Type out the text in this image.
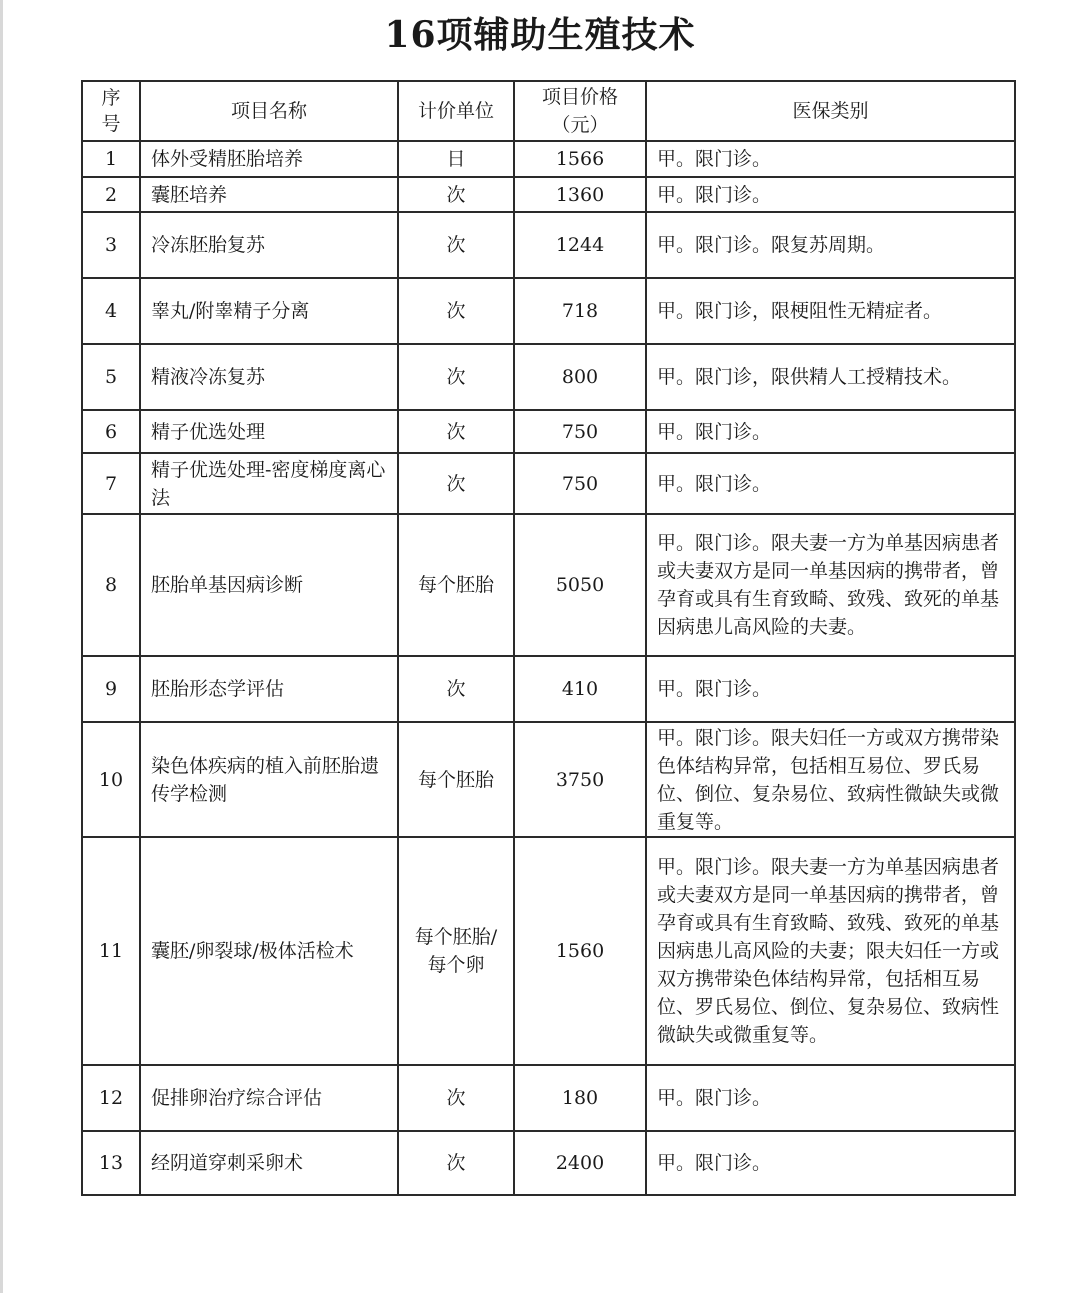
16项辅助生殖技术
序号	项目名称	计价单位	项目价格（元）	医保类别
1	体外受精胚胎培养	日	1566	甲。限门诊。
2	囊胚培养	次	1360	甲。限门诊。
3	冷冻胚胎复苏	次	1244	甲。限门诊。限复苏周期。
4	睾丸/附睾精子分离	次	718	甲。限门诊，限梗阻性无精症者。
5	精液冷冻复苏	次	800	甲。限门诊，限供精人工授精技术。
6	精子优选处理	次	750	甲。限门诊。
7	精子优选处理-密度梯度离心法	次	750	甲。限门诊。
8	胚胎单基因病诊断	每个胚胎	5050	甲。限门诊。限夫妻一方为单基因病患者或夫妻双方是同一单基因病的携带者，曾孕育或具有生育致畸、致残、致死的单基因病患儿高风险的夫妻。
9	胚胎形态学评估	次	410	甲。限门诊。
10	染色体疾病的植入前胚胎遗传学检测	每个胚胎	3750	甲。限门诊。限夫妇任一方或双方携带染色体结构异常，包括相互易位、罗氏易位、倒位、复杂易位、致病性微缺失或微重复等。
11	囊胚/卵裂球/极体活检术	每个胚胎/每个卵	1560	甲。限门诊。限夫妻一方为单基因病患者或夫妻双方是同一单基因病的携带者，曾孕育或具有生育致畸、致残、致死的单基因病患儿高风险的夫妻；限夫妇任一方或双方携带染色体结构异常，包括相互易位、罗氏易位、倒位、复杂易位、致病性微缺失或微重复等。
12	促排卵治疗综合评估	次	180	甲。限门诊。
13	经阴道穿刺采卵术	次	2400	甲。限门诊。
